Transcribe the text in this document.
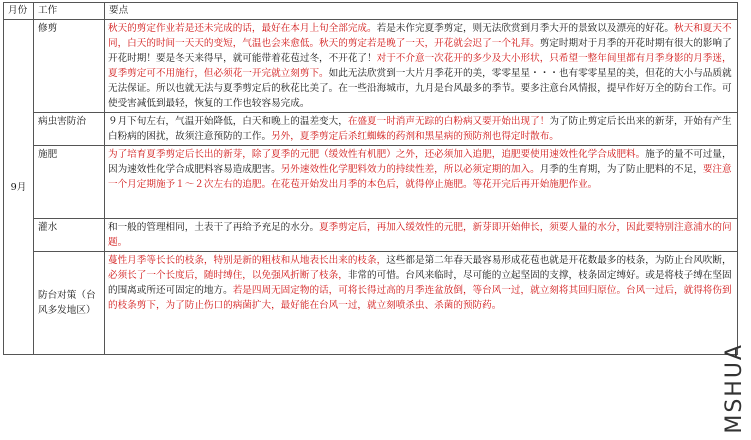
月份	工作	要点
9月	修剪	秋天的剪定作业若是还未完成的话，最好在本月上旬全部完成。若是未作完夏季剪定，则无法欣赏到月季大开的景致以及漂亮的好花。秋天和夏天不同，白天的时间一天天的变短，气温也会来愈低。秋天的剪定若是晚了一天，开花就会迟了一个礼拜。剪定时期对于月季的开花时期有很大的影响了开花时期！要是冬天来得早，就可能带着花苞过冬，不开花了！对于不介意一次花开的多少及大小形状，只希望一整年间里都有月季身影的月季迷，夏季剪定可不用施行，但必须花一开完就立刻剪下。如此无法欣赏到一大片月季花开的美，零零星星・・・也有零零星星的美，但花的大小与品质就无法保证。所以也就无法与夏季剪定后的秋花比美了。在一些沿海城市，九月是台风最多的季节。要多注意台风情报，提早作好万全的防台工作。可使受害减低到最轻，恢复的工作也较容易完成。
	病虫害防治	９月下旬左右，气温开始降低，白天和晚上的温差变大，在盛夏一时消声无踪的白粉病又要开始出现了！为了防止剪定后长出来的新芽，开始有产生白粉病的困扰，故须注意预防的工作。另外，夏季剪定后杀红蜘蛛的药剂和黑星病的预防剂也得定时散布。
	施肥	为了培育夏季剪定后长出的新芽，除了夏季的元肥（缓效性有机肥）之外，还必须加入追肥，追肥要使用速效性化学合成肥料。施予的量不可过量，因为速效性化学合成肥料容易造成肥害。另外速效性化学肥料效力的持续性差，所以必须定期的加入。月季的生育期，为了防止肥料的不足，要注意一个月定期施予１～２次左右的追肥。在花苞开始发出月季的本色后，就得停止施肥。等花开完后再开始施肥作业。
	灌水	和一般的管理相同，土表干了再给予充足的水分。夏季剪定后，再加入缓效性的元肥，新芽即开始伸长，须要人量的水分，因此要特别注意浦水的问题。
	防台对策（台风多发地区）	蔓性月季等长长的枝条，特别是新的粗枝和从地表长出来的枝条，这些都是第二年春天最容易形成花苞也就是开花数最多的枝条，为防止台风吹断，必须长了一个长度后，随时缚住，以免强风折断了枝条，非常的可惜。台风来临时，尽可能的立起坚固的支撑，枝条固定缚好。或是将枝子缚在坚固的围离或所还可固定的地方。若是四周无固定物的话，可将长得过高的月季连盆放倒，等台风一过，就立刻将其回归原位。台风一过后，就得将伤到的枝条剪下，为了防止伤口的病菌扩大，最好能在台风一过，就立刻喷杀虫、杀菌的预防药。
MSHUA
